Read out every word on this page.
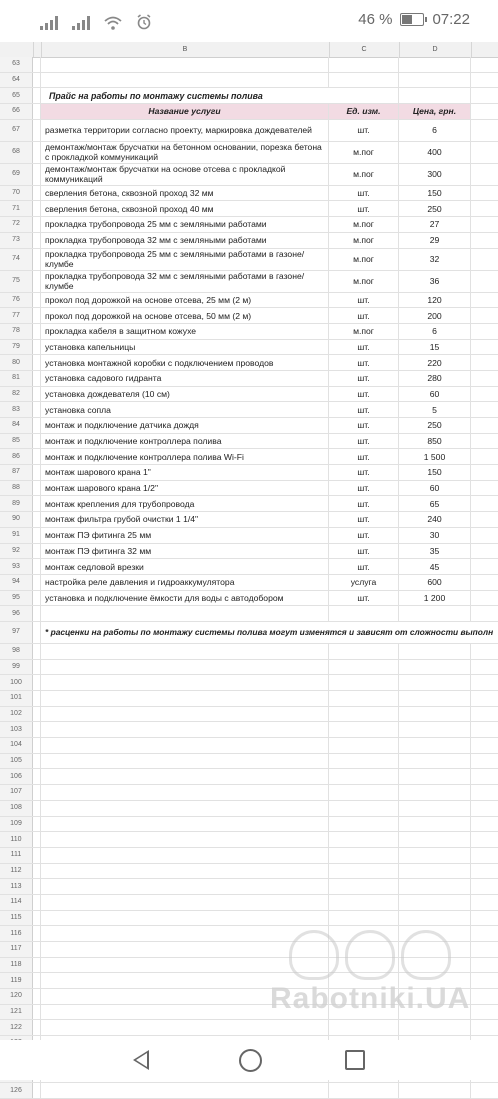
46 %	07:22
B	C	D
63
64
65	Прайс на работы по монтажу системы полива
66	Название услуги	Ед. изм.	Цена, грн.
67	разметка территории согласно проекту, маркировка дождевателей	шт.	6
68	демонтаж/монтаж брусчатки на бетонном основании, порезка бетона с прокладкой коммуникаций	м.пог	400
69	демонтаж/монтаж брусчатки на основе отсева с прокладкой коммуникаций	м.пог	300
70	сверления бетона, сквозной проход 32 мм	шт.	150
71	сверления бетона, сквозной проход 40 мм	шт.	250
72	прокладка трубопровода 25 мм с земляными работами	м.пог	27
73	прокладка трубопровода 32 мм с земляными работами	м.пог	29
74	прокладка трубопровода 25 мм с земляными работами в газоне/клумбе	м.пог	32
75	прокладка трубопровода 32 мм с земляными работами в газоне/клумбе	м.пог	36
76	прокол под дорожкой на основе отсева, 25 мм (2 м)	шт.	120
77	прокол под дорожкой на основе отсева, 50 мм (2 м)	шт.	200
78	прокладка кабеля в защитном кожухе	м.пог	6
79	установка капельницы	шт.	15
80	установка монтажной коробки с подключением проводов	шт.	220
81	установка садового гидранта	шт.	280
82	установка дождевателя (10 см)	шт.	60
83	установка сопла	шт.	5
84	монтаж и подключение датчика дождя	шт.	250
85	монтаж и подключение контроллера полива	шт.	850
86	монтаж и подключение контроллера полива Wi-Fi	шт.	1 500
87	монтаж шарового крана 1"	шт.	150
88	монтаж шарового крана 1/2"	шт.	60
89	монтаж крепления для трубопровода	шт.	65
90	монтаж фильтра грубой очистки 1 1/4"	шт.	240
91	монтаж ПЭ фитинга 25 мм	шт.	30
92	монтаж ПЭ фитинга 32 мм	шт.	35
93	монтаж седловой врезки	шт.	45
94	настройка реле давления и гидроаккумулятора	услуга	600
95	установка и подключение ёмкости для воды с автодобором	шт.	1 200
96
97	* расценки на работы по монтажу системы полива могут изменятся и зависят от сложности выполн
98
99
100
101
102
103
104
105
106
107
108
109
110
111
112
113
114
115
116
117
118
119
120
121
122
126
Rabotniki.UA
